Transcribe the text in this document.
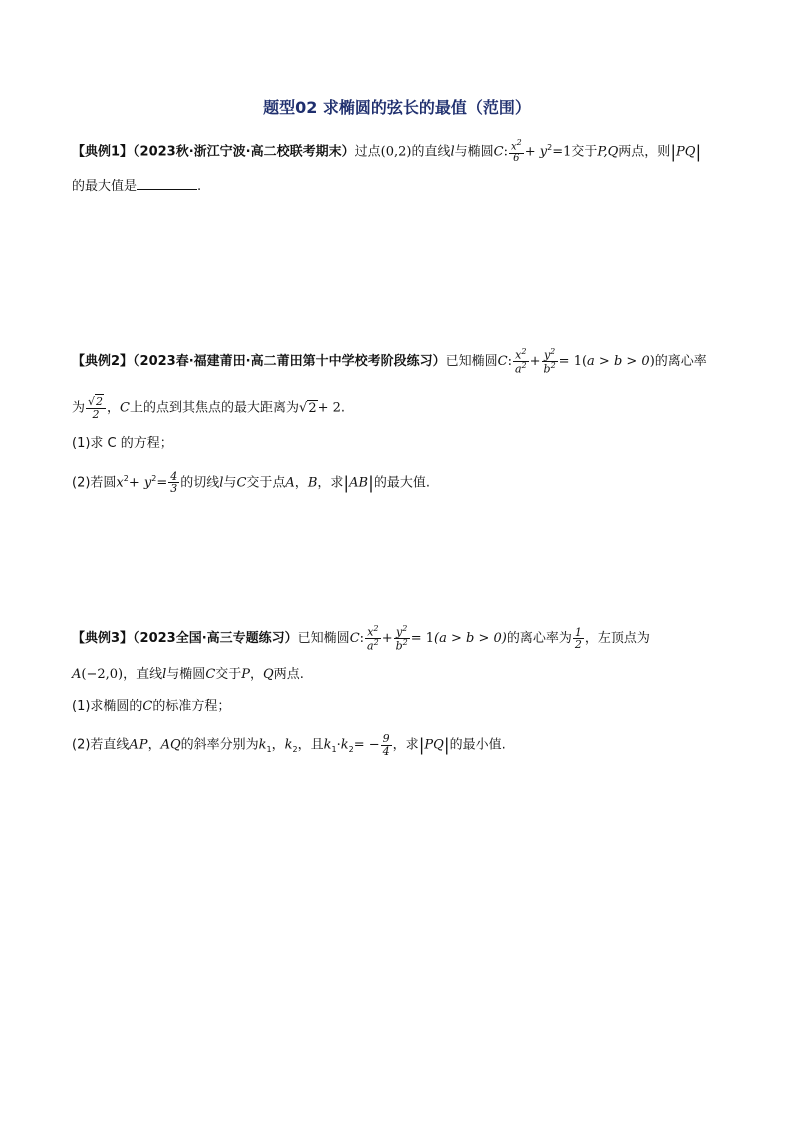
题型02 求椭圆的弦长的最值（范围）
【典例1】（2023秋·浙江宁波·高二校联考期末）过点(0,2)的直线l与椭圆C: $\frac{x^2}{6} + y^2=1$交于P,Q两点，则|PQ|
的最大值是	.
【典例2】（2023春·福建莆田·高二莆田第十中学校考阶段练习）已知椭圆C: $\frac{x^2}{a^2} + \frac{y^2}{b^2} = 1(a > b > 0)$的离心率
为 $\frac{√2}{2}$ ，C上的点到其焦点的最大距离为√2+ 2.
(1)求 C 的方程；
(2)若圆$x^2+ y^2= \frac{4}{3}$ 的切线l与C交于点A，B，求|AB|的最大值.
【典例3】（2023全国·高三专题练习）已知椭圆C: $\frac{x^2}{a^2} + \frac{y^2}{b^2} = 1(a > b > 0)$的离心率为 $\frac{1}{2}$ ，左顶点为
A(−2,0)，直线l与椭圆C交于P，Q两点.
(1)求椭圆的C的标准方程；
(2)若直线AP，AQ的斜率分别为$k_1$，$k_2$，且$k_1\cdot k_2= - \frac{9}{4}$ ，求|PQ|的最小值.
